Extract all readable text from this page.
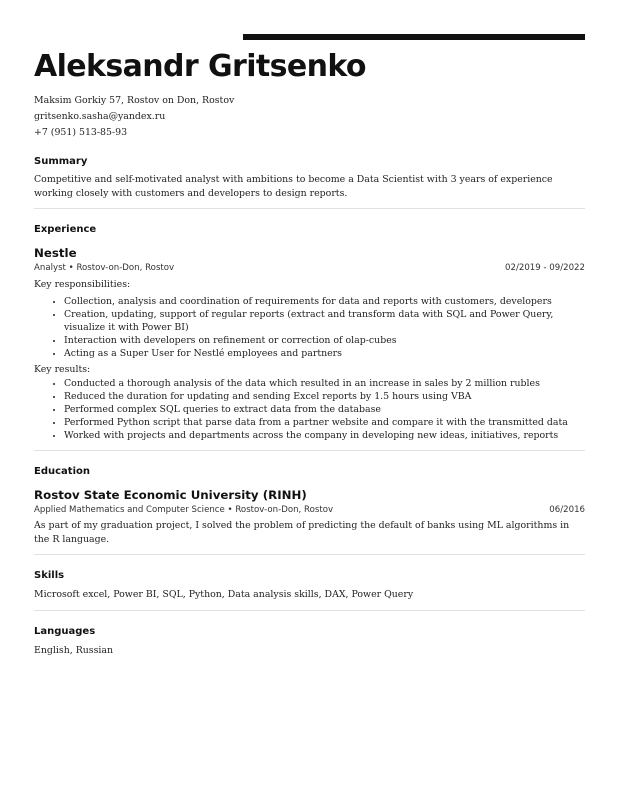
Aleksandr Gritsenko
Maksim Gorkiy 57, Rostov on Don, Rostov
gritsenko.sasha@yandex.ru
+7 (951) 513-85-93
Summary
Competitive and self-motivated analyst with ambitions to become a Data Scientist with 3 years of experience working closely with customers and developers to design reports.
Experience
Nestle
Analyst • Rostov-on-Don, Rostov	02/2019 - 09/2022
Key responsibilities:
• Collection, analysis and coordination of requirements for data and reports with customers, developers
• Creation, updating, support of regular reports (extract and transform data with SQL and Power Query, visualize it with Power BI)
• Interaction with developers on refinement or correction of olap-cubes
• Acting as a Super User for Nestlé employees and partners
Key results:
• Conducted a thorough analysis of the data which resulted in an increase in sales by 2 million rubles
• Reduced the duration for updating and sending Excel reports by 1.5 hours using VBA
• Performed complex SQL queries to extract data from the database
• Performed Python script that parse data from a partner website and compare it with the transmitted data
• Worked with projects and departments across the company in developing new ideas, initiatives, reports
Education
Rostov State Economic University (RINH)
Applied Mathematics and Computer Science • Rostov-on-Don, Rostov	06/2016
As part of my graduation project, I solved the problem of predicting the default of banks using ML algorithms in the R language.
Skills
Microsoft excel, Power BI, SQL, Python, Data analysis skills, DAX, Power Query
Languages
English, Russian
